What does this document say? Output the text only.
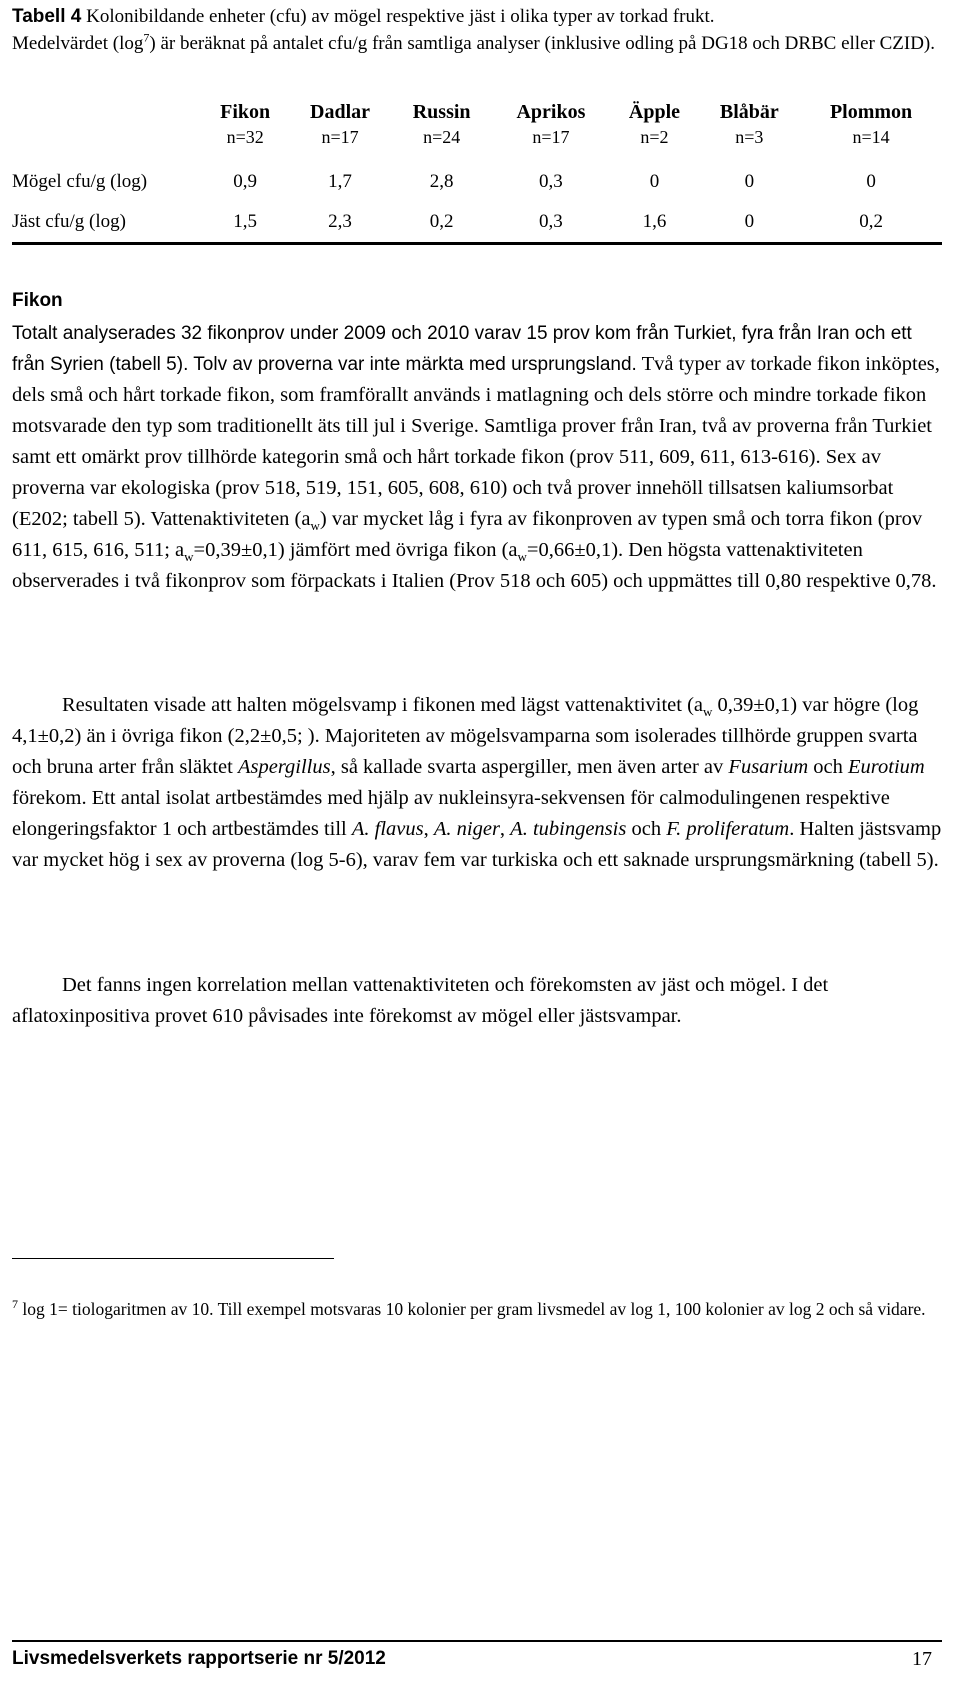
Tabell 4 Kolonibildande enheter (cfu) av mögel respektive jäst i olika typer av torkad frukt.
Medelvärdet $(\log^7)$ är beräknat på antalet cfu/g från samtliga analyser (inklusive odling på DG18 och DRBC eller CZID).
	Fikon	Dadlar	Russin	Aprikos	Äpple	Blåbär	Plommon
	n=32	n=17	n=24	n=17	n=2	n=3	n=14
Mögel cfu/g (log)	0,9	1,7	2,8	0,3	0	0	0
Jäst cfu/g (log)	1,5	2,3	0,2	0,3	1,6	0	0,2
Fikon

Totalt analyserades 32 fikonprov under 2009 och 2010 varav 15 prov kom från Turkiet, fyra från Iran och ett från Syrien (tabell 5). Tolv av proverna var inte märkta med ursprungsland. Två typer av torkade fikon inköptes, dels små och hårt torkade fikon, som framförallt används i matlagning och dels större och mindre torkade fikon motsvarade den typ som traditionellt äts till jul i Sverige. Samtliga prover från Iran, två av proverna från Turkiet samt ett omärkt prov tillhörde kategorin små och hårt torkade fikon (prov 511, 609, 611, 613-616). Sex av proverna var ekologiska (prov 518, 519, 151, 605, 608, 610) och två prover innehöll tillsatsen kaliumsorbat (E202; tabell 5). Vattenaktiviteten $(a_w)$ var mycket låg i fyra av fikonproven av typen små och torra fikon (prov 611, 615, 616, 511; $a_w=0,39\pm 0,1$) jämfört med övriga fikon $(a_w=0,66\pm 0,1)$. Den högsta vattenaktiviteten observerades i två fikonprov som förpackats i Italien (Prov 518 och 605) och uppmättes till 0,80 respektive 0,78.

Resultaten visade att halten mögelsvamp i fikonen med lägst vattenaktivitet ($a_w$ 0,39±0,1) var högre (log 4,1±0,2) än i övriga fikon (2,2±0,5; ). Majoriteten av mögelsvamparna som isolerades tillhörde gruppen svarta och bruna arter från släktet Aspergillus, så kallade svarta aspergiller, men även arter av Fusarium och Eurotium förekom. Ett antal isolat artbestämdes med hjälp av nukleinsyra-sekvensen för calmodulingenen respektive elongeringsfaktor 1 och artbestämdes till A. flavus, A. niger, A. tubingensis och F. proliferatum. Halten jästsvamp var mycket hög i sex av proverna (log 5-6), varav fem var turkiska och ett saknade ursprungsmärkning (tabell 5).

Det fanns ingen korrelation mellan vattenaktiviteten och förekomsten av jäst och mögel. I det aflatoxinpositiva provet 610 påvisades inte förekomst av mögel eller jästsvampar.

$^7$ log 1= tiologaritmen av 10. Till exempel motsvaras 10 kolonier per gram livsmedel av log 1, 100 kolonier av log 2 och så vidare.
Livsmedelsverkets rapportserie nr 5/2012	17
